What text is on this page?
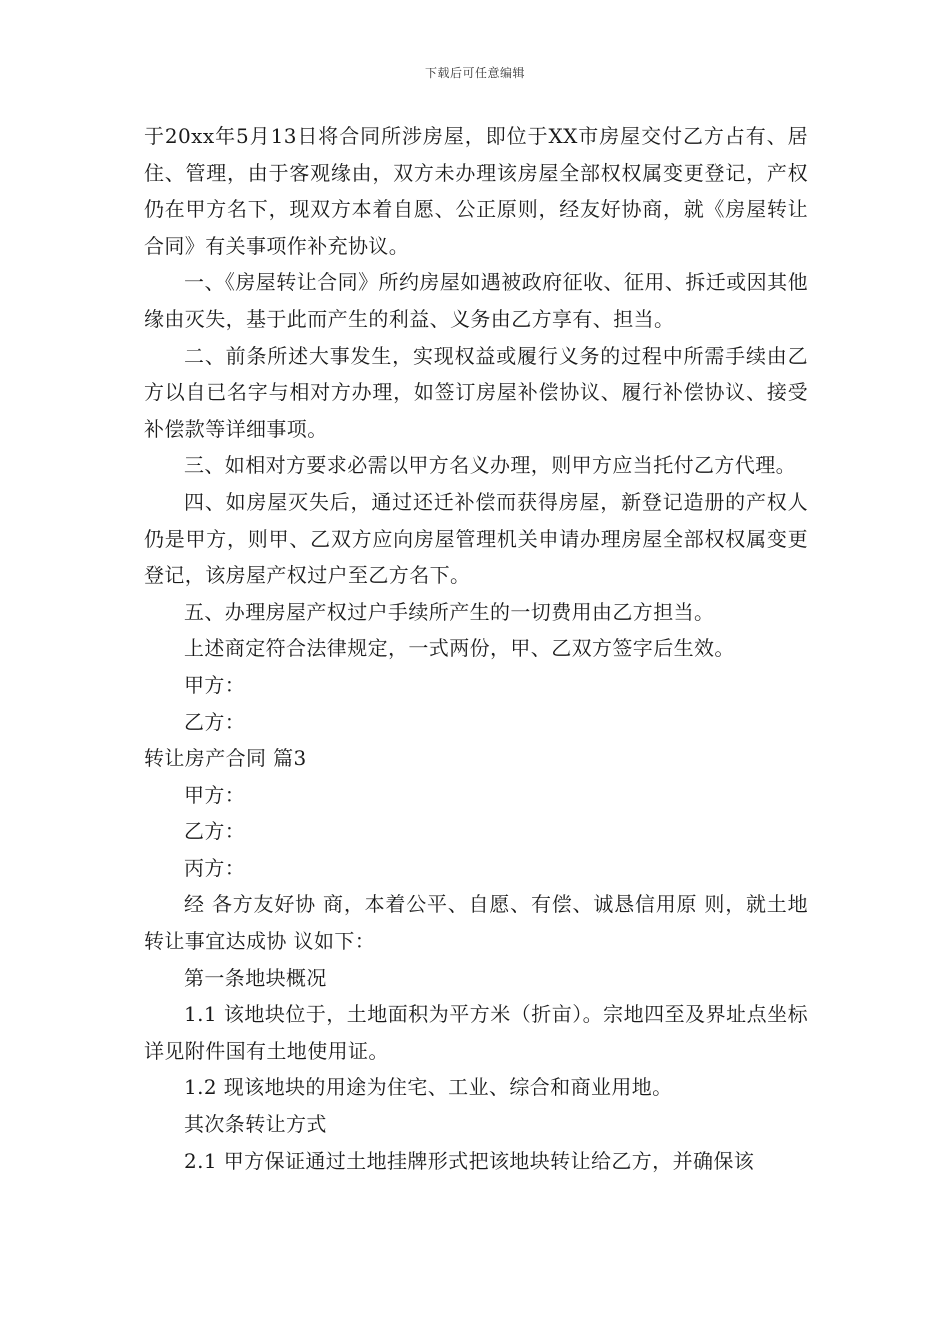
下载后可任意编辑

于20xx年5月13日将合同所涉房屋，即位于XX市房屋交付乙方占有、居住、管理，由于客观缘由，双方未办理该房屋全部权权属变更登记，产权仍在甲方名下，现双方本着自愿、公正原则，经友好协商，就《房屋转让合同》有关事项作补充协议。

一、《房屋转让合同》所约房屋如遇被政府征收、征用、拆迁或因其他缘由灭失，基于此而产生的利益、义务由乙方享有、担当。

二、前条所述大事发生，实现权益或履行义务的过程中所需手续由乙方以自已名字与相对方办理，如签订房屋补偿协议、履行补偿协议、接受补偿款等详细事项。

三、如相对方要求必需以甲方名义办理，则甲方应当托付乙方代理。

四、如房屋灭失后，通过还迁补偿而获得房屋，新登记造册的产权人仍是甲方，则甲、乙双方应向房屋管理机关申请办理房屋全部权权属变更登记，该房屋产权过户至乙方名下。

五、办理房屋产权过户手续所产生的一切费用由乙方担当。

上述商定符合法律规定，一式两份，甲、乙双方签字后生效。

甲方：

乙方：

转让房产合同 篇3

甲方：

乙方：

丙方：

经 各方友好协 商，本着公平、自愿、有偿、诚恳信用原 则，就土地转让事宜达成协 议如下：

第一条地块概况

1.1 该地块位于，土地面积为平方米（折亩）。宗地四至及界址点坐标详见附件国有土地使用证。

1.2 现该地块的用途为住宅、工业、综合和商业用地。

其次条转让方式

2.1 甲方保证通过土地挂牌形式把该地块转让给乙方，并确保该
